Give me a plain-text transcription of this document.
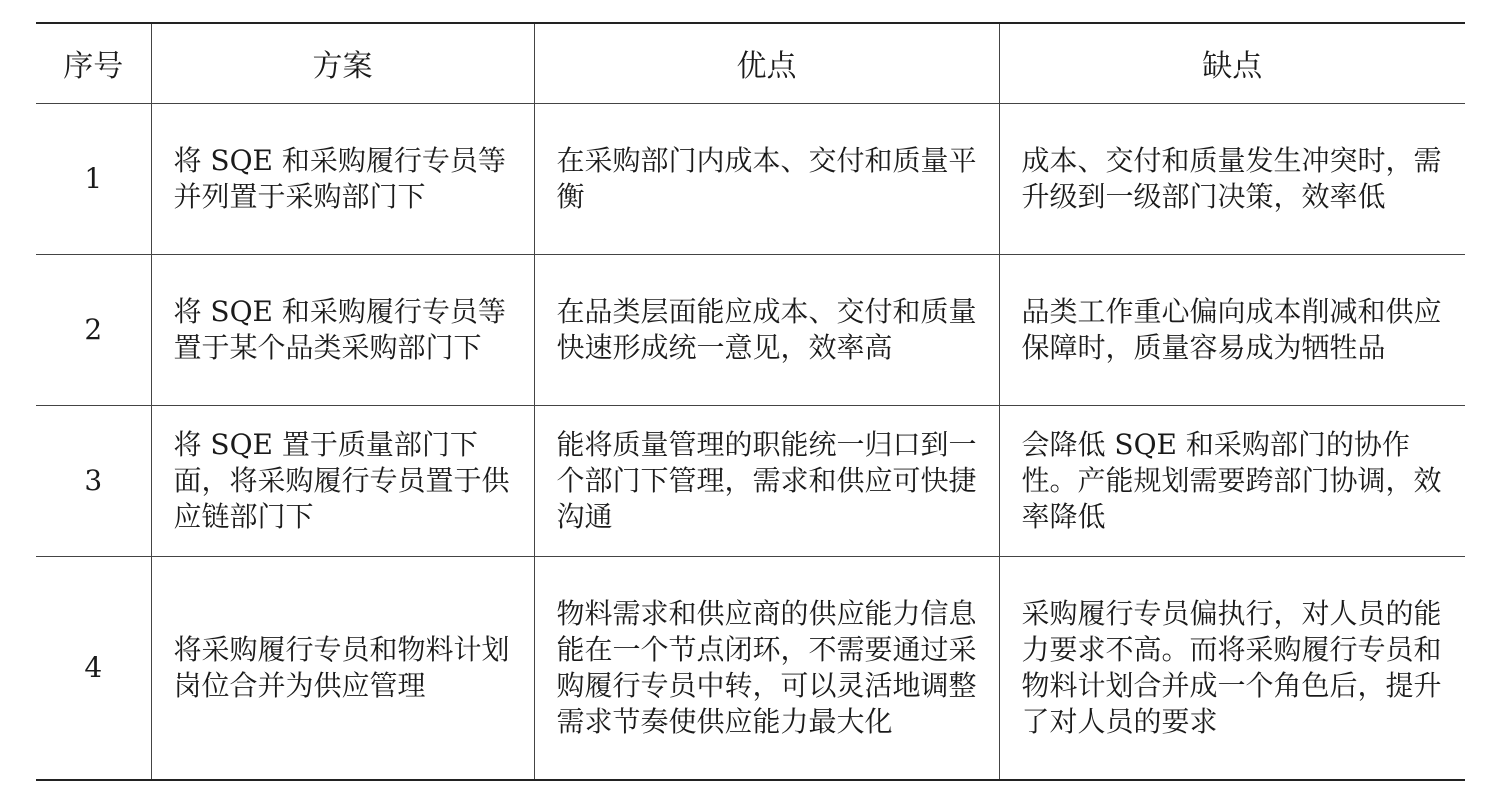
序号	方案	优点	缺点
1	将 SQE 和采购履行专员等并列置于采购部门下	在采购部门内成本、交付和质量平衡	成本、交付和质量发生冲突时，需升级到一级部门决策，效率低
2	将 SQE 和采购履行专员等置于某个品类采购部门下	在品类层面能应成本、交付和质量快速形成统一意见，效率高	品类工作重心偏向成本削减和供应保障时，质量容易成为牺牲品
3	将 SQE 置于质量部门下面，将采购履行专员置于供应链部门下	能将质量管理的职能统一归口到一个部门下管理，需求和供应可快捷沟通	会降低 SQE 和采购部门的协作性。产能规划需要跨部门协调，效率降低
4	将采购履行专员和物料计划岗位合并为供应管理	物料需求和供应商的供应能力信息能在一个节点闭环，不需要通过采购履行专员中转，可以灵活地调整需求节奏使供应能力最大化	采购履行专员偏执行，对人员的能力要求不高。而将采购履行专员和物料计划合并成一个角色后，提升了对人员的要求
